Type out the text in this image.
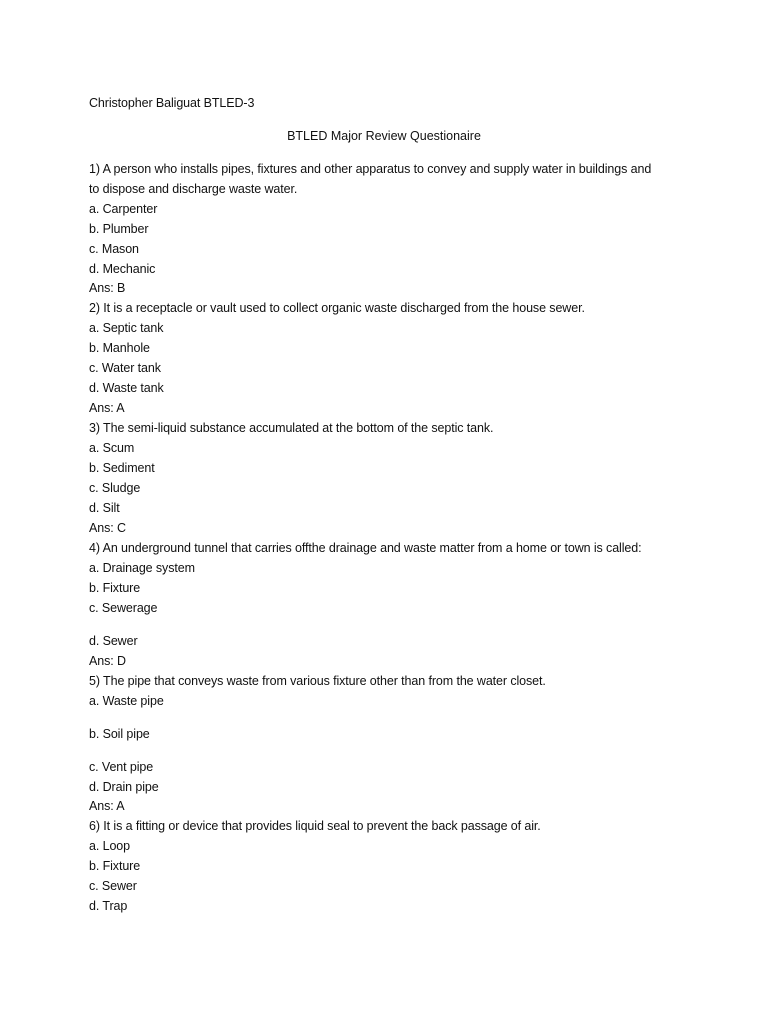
Christopher Baliguat BTLED-3

BTLED Major Review Questionaire

1) A person who installs pipes, fixtures and other apparatus to convey and supply water in buildings and

to dispose and discharge waste water.

a. Carpenter

b. Plumber

c. Mason

d. Mechanic

Ans: B

2) It is a receptacle or vault used to collect organic waste discharged from the house sewer.

a. Septic tank

b. Manhole

c. Water tank

d. Waste tank

Ans: A

3) The semi-liquid substance accumulated at the bottom of the septic tank.

a. Scum

b. Sediment

c. Sludge

d. Silt

Ans: C

4) An underground tunnel that carries offthe drainage and waste matter from a home or town is called:

a. Drainage system

b. Fixture

c. Sewerage

d. Sewer

Ans: D

5) The pipe that conveys waste from various fixture other than from the water closet.

a. Waste pipe

b. Soil pipe

c. Vent pipe

d. Drain pipe

Ans: A

6) It is a fitting or device that provides liquid seal to prevent the back passage of air.

a. Loop

b. Fixture

c. Sewer

d. Trap
